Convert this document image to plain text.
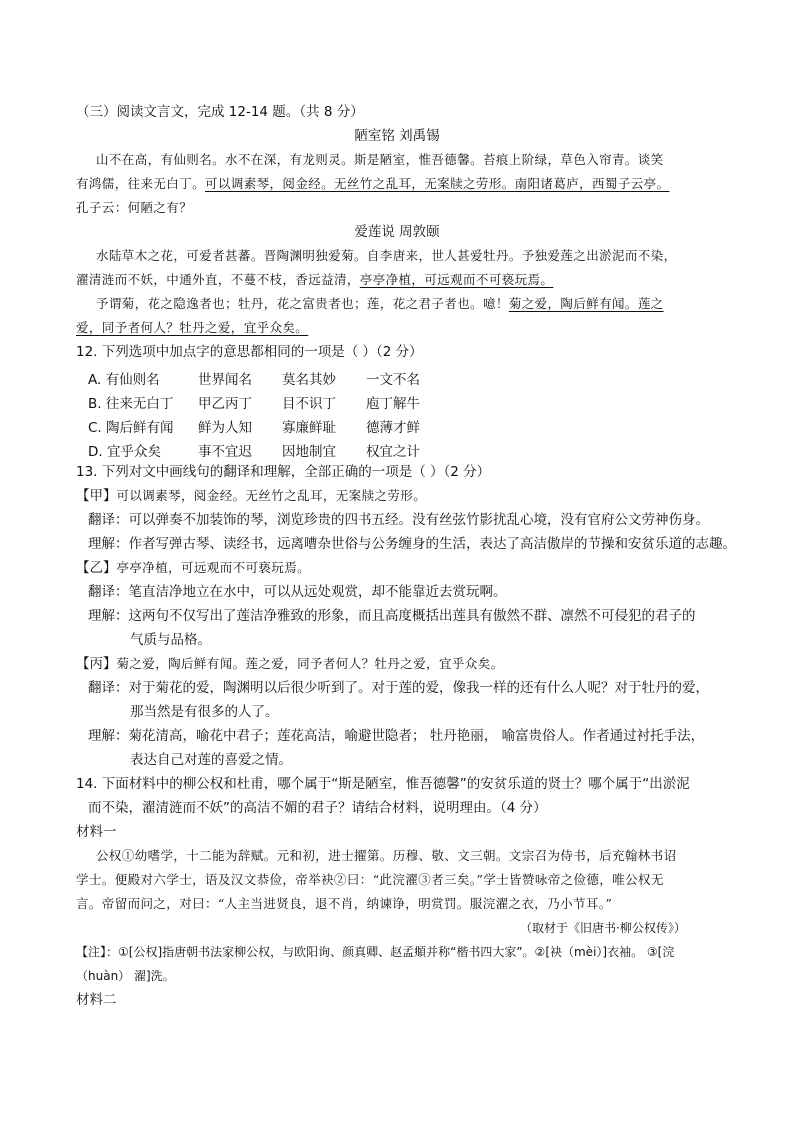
（三）阅读文言文，完成 12-14 题。（共 8 分）
陋室铭 刘禹锡
山不在高，有仙则名。水不在深，有龙则灵。斯是陋室，惟吾德馨。苔痕上阶绿，草色入帘青。谈笑
有鸿儒，往来无白丁。可以调素琴，阅金经。无丝竹之乱耳，无案牍之劳形。南阳诸葛庐，西蜀子云亭。
孔子云：何陋之有？
爱莲说 周敦颐
水陆草木之花，可爱者甚蕃。晋陶渊明独爱菊。自李唐来，世人甚爱牡丹。予独爱莲之出淤泥而不染，
濯清涟而不妖，中通外直，不蔓不枝，香远益清，亭亭净植，可远观而不可亵玩焉。
予谓菊，花之隐逸者也；牡丹，花之富贵者也；莲，花之君子者也。噫！菊之爱，陶后鲜有闻。莲之
爱，同予者何人？牡丹之爱，宜乎众矣。
12. 下列选项中加点字的意思都相同的一项是（ ）（2 分）
A. 有仙则名	世界闻名 莫名其妙 一文不名
B. 往来无白丁 甲乙丙丁 目不识丁 庖丁解牛
C. 陶后鲜有闻 鲜为人知 寡廉鲜耻 德薄才鲜
D. 宜乎众矣	事不宜迟 因地制宜 权宜之计
13. 下列对文中画线句的翻译和理解，全部正确的一项是（ ）（2 分）
【甲】可以调素琴，阅金经。无丝竹之乱耳，无案牍之劳形。
翻译：可以弹奏不加装饰的琴，浏览珍贵的四书五经。没有丝弦竹影扰乱心境，没有官府公文劳神伤身。
理解：作者写弹古琴、读经书，远离嘈杂世俗与公务缠身的生活，表达了高洁傲岸的节操和安贫乐道的志趣。
【乙】亭亭净植，可远观而不可亵玩焉。
翻译：笔直洁净地立在水中，可以从远处观赏，却不能靠近去赏玩啊。
理解：这两句不仅写出了莲洁净雅致的形象，而且高度概括出莲具有傲然不群、凛然不可侵犯的君子的
气质与品格。
【丙】菊之爱，陶后鲜有闻。莲之爱，同予者何人？牡丹之爱，宜乎众矣。
翻译：对于菊花的爱，陶渊明以后很少听到了。对于莲的爱，像我一样的还有什么人呢？对于牡丹的爱，
那当然是有很多的人了。
理解：菊花清高，喻花中君子；莲花高洁，喻避世隐者； 牡丹艳丽， 喻富贵俗人。作者通过衬托手法，
表达自己对莲的喜爱之情。
14. 下面材料中的柳公权和杜甫，哪个属于“斯是陋室，惟吾德馨”的安贫乐道的贤士？哪个属于“出淤泥
而不染，濯清涟而不妖”的高洁不媚的君子？请结合材料，说明理由。（4 分）
材料一
公权①幼嗜学，十二能为辞赋。元和初，进士擢第。历穆、敬、文三朝。文宗召为侍书，后充翰林书诏
学士。便殿对六学士，语及汉文恭俭，帝举袂②曰：“此浣濯③者三矣。”学士皆赞咏帝之俭德，唯公权无
言。帝留而问之，对曰：“人主当进贤良，退不肖，纳谏诤，明赏罚。服浣濯之衣，乃小节耳。”
（取材于《旧唐书·柳公权传》）
【注】：①[公权]指唐朝书法家柳公权，与欧阳询、颜真卿、赵孟頫并称“楷书四大家”。②[袂（mèi）]衣袖。 ③[浣
（huàn） 濯]洗。
材料二
